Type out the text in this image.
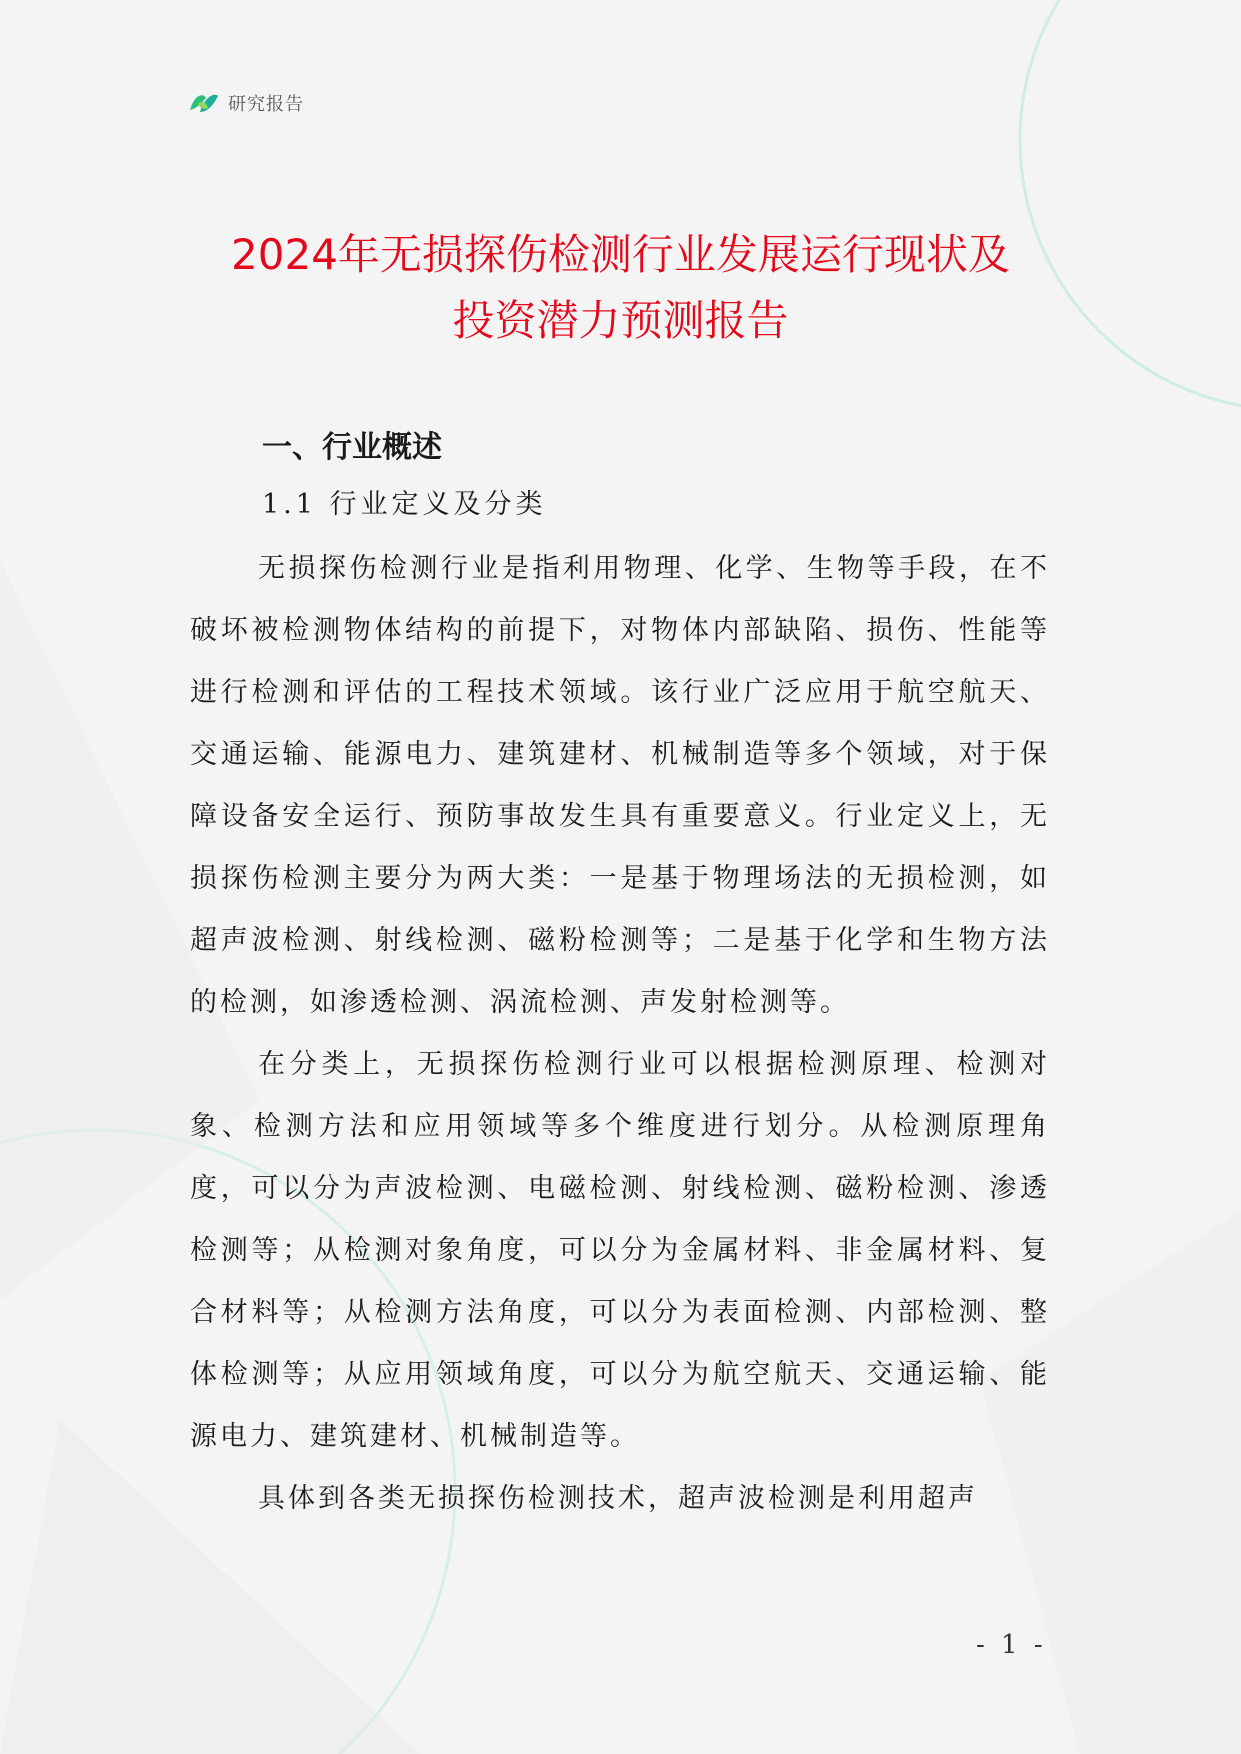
研究报告
2024年无损探伤检测行业发展运行现状及
投资潜力预测报告
一、行业概述
1.1 行业定义及分类

无损探伤检测行业是指利用物理、化学、生物等手段，在不破坏被检测物体结构的前提下，对物体内部缺陷、损伤、性能等进行检测和评估的工程技术领域。该行业广泛应用于航空航天、交通运输、能源电力、建筑建材、机械制造等多个领域，对于保障设备安全运行、预防事故发生具有重要意义。行业定义上，无损探伤检测主要分为两大类：一是基于物理场法的无损检测，如超声波检测、射线检测、磁粉检测等；二是基于化学和生物方法的检测，如渗透检测、涡流检测、声发射检测等。

在分类上，无损探伤检测行业可以根据检测原理、检测对象、检测方法和应用领域等多个维度进行划分。从检测原理角度，可以分为声波检测、电磁检测、射线检测、磁粉检测、渗透检测等；从检测对象角度，可以分为金属材料、非金属材料、复合材料等；从检测方法角度，可以分为表面检测、内部检测、整体检测等；从应用领域角度，可以分为航空航天、交通运输、能源电力、建筑建材、机械制造等。

具体到各类无损探伤检测技术，超声波检测是利用超声

- 1 -
